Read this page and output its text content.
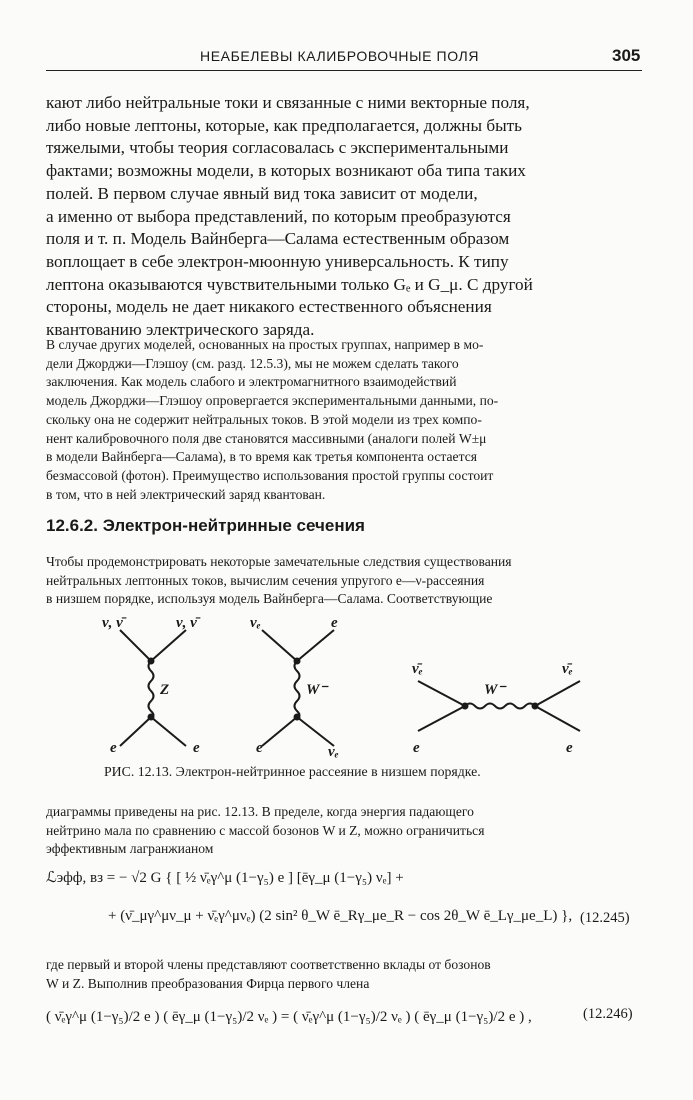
НЕАБЕЛЕВЫ КАЛИБРОВОЧНЫЕ ПОЛЯ	305

кают либо нейтральные токи и связанные с ними векторные поля,
либо новые лептоны, которые, как предполагается, должны быть
тяжелыми, чтобы теория согласовалась с экспериментальными
фактами; возможны модели, в которых возникают оба типа таких
полей. В первом случае явный вид тока зависит от модели,
а именно от выбора представлений, по которым преобразуются
поля и т. п. Модель Вайнберга—Салама естественным образом
воплощает в себе электрон-мюонную универсальность. К типу
лептона оказываются чувствительными только Gₑ и G_μ. С другой
стороны, модель не дает никакого естественного объяснения
квантованию электрического заряда.

В случае других моделей, основанных на простых группах, например в мо-
дели Джорджи—Глэшоу (см. разд. 12.5.3), мы не можем сделать такого
заключения. Как модель слабого и электромагнитного взаимодействий
модель Джорджи—Глэшоу опровергается экспериментальными данными, по-
скольку она не содержит нейтральных токов. В этой модели из трех компо-
нент калибровочного поля две становятся массивными (аналоги полей W±μ
в модели Вайнберга—Салама), в то время как третья компонента остается
безмассовой (фотон). Преимущество использования простой группы состоит
в том, что в ней электрический заряд квантован.

12.6.2. Электрон-нейтринные сечения

Чтобы продемонстрировать некоторые замечательные следствия существования
нейтральных лептонных токов, вычислим сечения упругого e—ν-рассеяния
в низшем порядке, используя модель Вайнберга—Салама. Соответствующие

ν, ν̄	ν, ν̄
Z
e	e
νₑ	e
W⁻
e	νₑ
ν̄ₑ	ν̄ₑ
W⁻
e	e
РИС. 12.13. Электрон-нейтринное рассеяние в низшем порядке.

диаграммы приведены на рис. 12.13. В пределе, когда энергия падающего
нейтрино мала по сравнению с массой бозонов W и Z, можно ограничиться
эффективным лагранжианом

ℒэфф, вз = − √2 G { [ ½ ν̄ₑγ^μ (1−γ₅) e ] [ēγ_μ (1−γ₅) νₑ] +
+ (ν̄_μγ^μν_μ + ν̄ₑγ^μνₑ) (2 sin² θ_W ē_Rγ_μe_R − cos 2θ_W ē_Lγ_μe_L) }, (12.245)

где первый и второй члены представляют соответственно вклады от бозонов
W и Z. Выполнив преобразования Фирца первого члена

( ν̄ₑγ^μ (1−γ₅)/2 e ) ( ēγ_μ (1−γ₅)/2 νₑ ) = ( ν̄ₑγ^μ (1−γ₅)/2 νₑ ) ( ēγ_μ (1−γ₅)/2 e ) ,	(12.246)
